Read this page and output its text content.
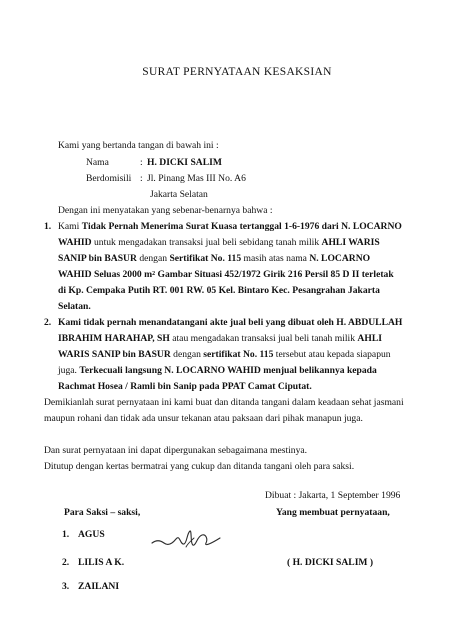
SURAT PERNYATAAN KESAKSIAN
Kami yang bertanda tangan di bawah ini :
Nama	: H. DICKI SALIM
Berdomisili : Jl. Pinang Mas III No. A6
Jakarta Selatan
Dengan ini menyatakan yang sebenar-benarnya bahwa :
1. Kami Tidak Pernah Menerima Surat Kuasa tertanggal 1-6-1976 dari N. LOCARNO
WAHID untuk mengadakan transaksi jual beli sebidang tanah milik AHLI WARIS
SANIP bin BASUR dengan Sertifikat No. 115 masih atas nama N. LOCARNO
WAHID Seluas 2000 $m^2$ Gambar Situasi 452/1972 Girik 216 Persil 85 D II terletak
di Kp. Cempaka Putih RT. 001 RW. 05 Kel. Bintaro Kec. Pesangrahan Jakarta
Selatan.
2. Kami tidak pernah menandatangani akte jual beli yang dibuat oleh H. ABDULLAH
IBRAHIM HARAHAP, SH atau mengadakan transaksi jual beli tanah milik AHLI
WARIS SANIP bin BASUR dengan sertifikat No. 115 tersebut atau kepada siapapun
juga. Terkecuali langsung N. LOCARNO WAHID menjual belikannya kepada
Rachmat Hosea / Ramli bin Sanip pada PPAT Camat Ciputat.
Demikianlah surat pernyataan ini kami buat dan ditanda tangani dalam keadaan sehat jasmani
maupun rohani dan tidak ada unsur tekanan atau paksaan dari pihak manapun juga.
Dan surat pernyataan ini dapat dipergunakan sebagaimana mestinya.
Ditutup dengan kertas bermatrai yang cukup dan ditanda tangani oleh para saksi.
Dibuat : Jakarta, 1 September 1996
Para Saksi – saksi,	Yang membuat pernyataan,
1. AGUS
2. LILIS A K.	( H. DICKI SALIM )
3. ZAILANI
